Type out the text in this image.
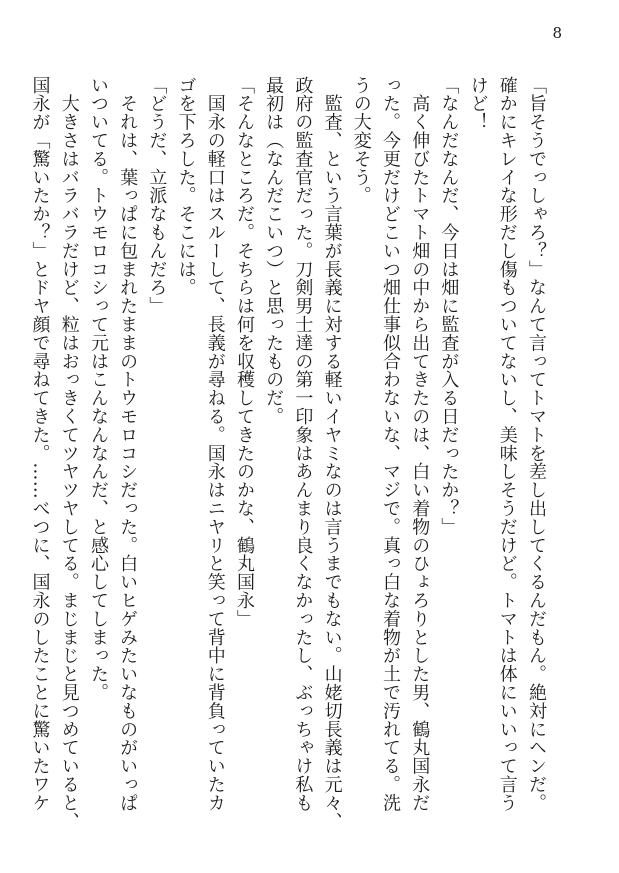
8
「旨そうでっしゃろ？」なんて言ってトマトを差し出してくるんだもん。絶対にヘンだ。
確かにキレイな形だし傷もついてないし、美味しそうだけど。トマトは体にいいって言う
けど！
「なんだなんだ、今日は畑に監査が入る日だったか？」
　高く伸びたトマト畑の中から出てきたのは、白い着物のひょろりとした男、鶴丸国永だ
った。今更だけどこいつ畑仕事似合わないな、マジで。真っ白な着物が土で汚れてる。洗
うの大変そう。
　監査、という言葉が長義に対する軽いイヤミなのは言うまでもない。山姥切長義は元々、
政府の監査官だった。刀剣男士達の第一印象はあんまり良くなかったし、ぶっちゃけ私も
最初は（なんだこいつ）と思ったものだ。
「そんなところだ。そちらは何を収穫してきたのかな、鶴丸国永」
　国永の軽口はスルーして、長義が尋ねる。国永はニヤリと笑って背中に背負っていたカ
ゴを下ろした。そこには。
「どうだ、立派なもんだろ」
　それは、葉っぱに包まれたままのトウモロコシだった。白いヒゲみたいなものがいっぱ
いついてる。トウモロコシって元はこんなんなんだ、と感心してしまった。
　大きさはバラバラだけど、粒はおっきくてツヤツヤしてる。まじまじと見つめていると、
国永が「驚いたか？」とドヤ顔で尋ねてきた。……べつに、国永のしたことに驚いたワケ
